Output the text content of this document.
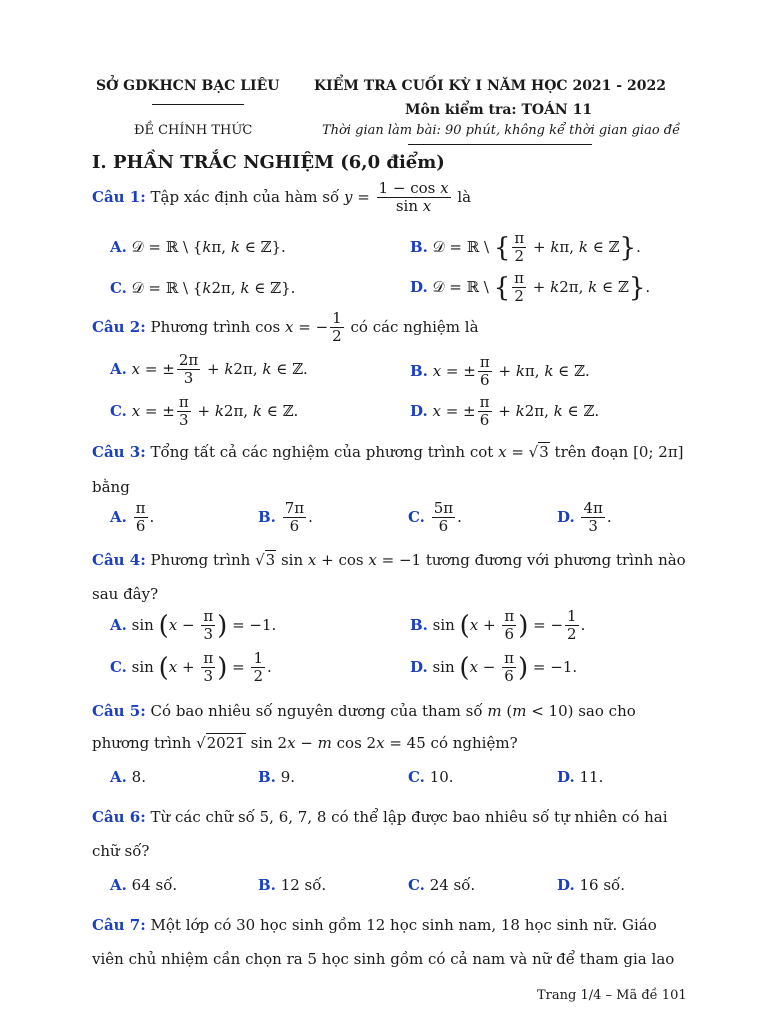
SỞ GDKHCN BẠC LIÊU KIỂM TRA CUỐI KỲ I NĂM HỌC 2021 - 2022
Môn kiểm tra: TOÁN 11
ĐỀ CHÍNH THỨC	Thời gian làm bài: 90 phút, không kể thời gian giao đề
I. PHẦN TRẮC NGHIỆM (6,0 điểm)
Câu 1: Tập xác định của hàm số $y = \frac{\text{1 − cos x}}{\text{sin x}}$ là
A. 𝒟 = ℝ \ {kπ, k ∈ ℤ}.	B. 𝒟 = ℝ \ { $\frac{\pi}{2} + k\pi$, k ∈ ℤ}.
C. 𝒟 = ℝ \ {k2π, k ∈ ℤ}.	D. 𝒟 = ℝ \ { $\frac{\pi}{2} + k2\pi$, k ∈ ℤ}.
Câu 2: Phương trình cos x = − $\frac{1}{2}$ có các nghiệm là
A. x = ± $\frac{2\pi}{3} + k2\pi$, k ∈ ℤ.	B. x = ± $\frac{\pi}{6} + k\pi$, k ∈ ℤ.
C. x = ± $\frac{\pi}{3} + k2\pi$, k ∈ ℤ.	D. x = ± $\frac{\pi}{6} + k2\pi$, k ∈ ℤ.
Câu 3: Tổng tất cả các nghiệm của phương trình cot x = √3 trên đoạn [0; 2π]
bằng
A. $\frac{\pi}{6}$ .	B. $\frac{7\pi}{6}$ .	C. $\frac{5\pi}{6}$ .	D. $\frac{4\pi}{3}$ .
Câu 4: Phương trình √3 sin x + cos x = −1 tương đương với phương trình nào
sau đây?
A. $\sin (x - \frac{\pi}{3}$ ) = −1.	B. $\sin (x + \frac{\pi}{6}$ ) = − $\frac{1}{2}$ .
C. $\sin (x + \frac{\pi}{3}$ ) = $\frac{1}{2}$ .	D. $\sin (x - \frac{\pi}{6}$ ) = −1.
Câu 5: Có bao nhiêu số nguyên dương của tham số m (m < 10) sao cho
phương trình √2021 sin 2x − m cos 2x = 45 có nghiệm?
A. 8.	B. 9.	C. 10.	D. 11.
Câu 6: Từ các chữ số 5, 6, 7, 8 có thể lập được bao nhiêu số tự nhiên có hai
chữ số?
A. 64 số.	B. 12 số.	C. 24 số.	D. 16 số.
Câu 7: Một lớp có 30 học sinh gồm 12 học sinh nam, 18 học sinh nữ. Giáo
viên chủ nhiệm cần chọn ra 5 học sinh gồm có cả nam và nữ để tham gia lao
Trang 1/4 – Mã đề 101
